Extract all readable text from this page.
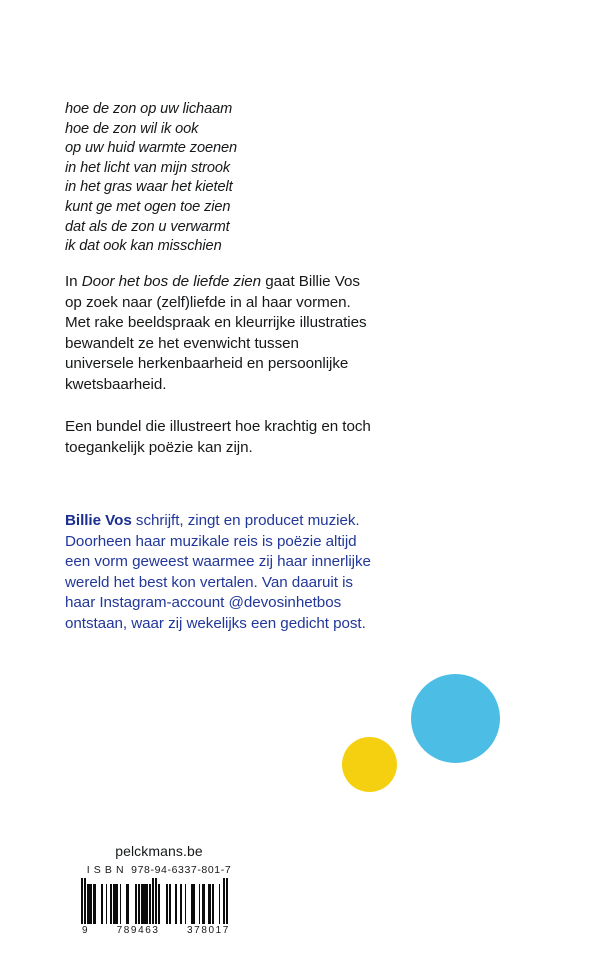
hoe de zon op uw lichaam
hoe de zon wil ik ook
op uw huid warmte zoenen
in het licht van mijn strook
in het gras waar het kietelt
kunt ge met ogen toe zien
dat als de zon u verwarmt
ik dat ook kan misschien
In Door het bos de liefde zien gaat Billie Vos
op zoek naar (zelf)liefde in al haar vormen.
Met rake beeldspraak en kleurrijke illustraties
bewandelt ze het evenwicht tussen
universele herkenbaarheid en persoonlijke
kwetsbaarheid.
Een bundel die illustreert hoe krachtig en toch
toegankelijk poëzie kan zijn.
Billie Vos schrijft, zingt en producet muziek.
Doorheen haar muzikale reis is poëzie altijd
een vorm geweest waarmee zij haar innerlijke
wereld het best kon vertalen. Van daaruit is
haar Instagram-account @devosinhetbos
ontstaan, waar zij wekelijks een gedicht post.
pelckmans.be
I S B N  978-94-6337-801-7
9	789463	378017
